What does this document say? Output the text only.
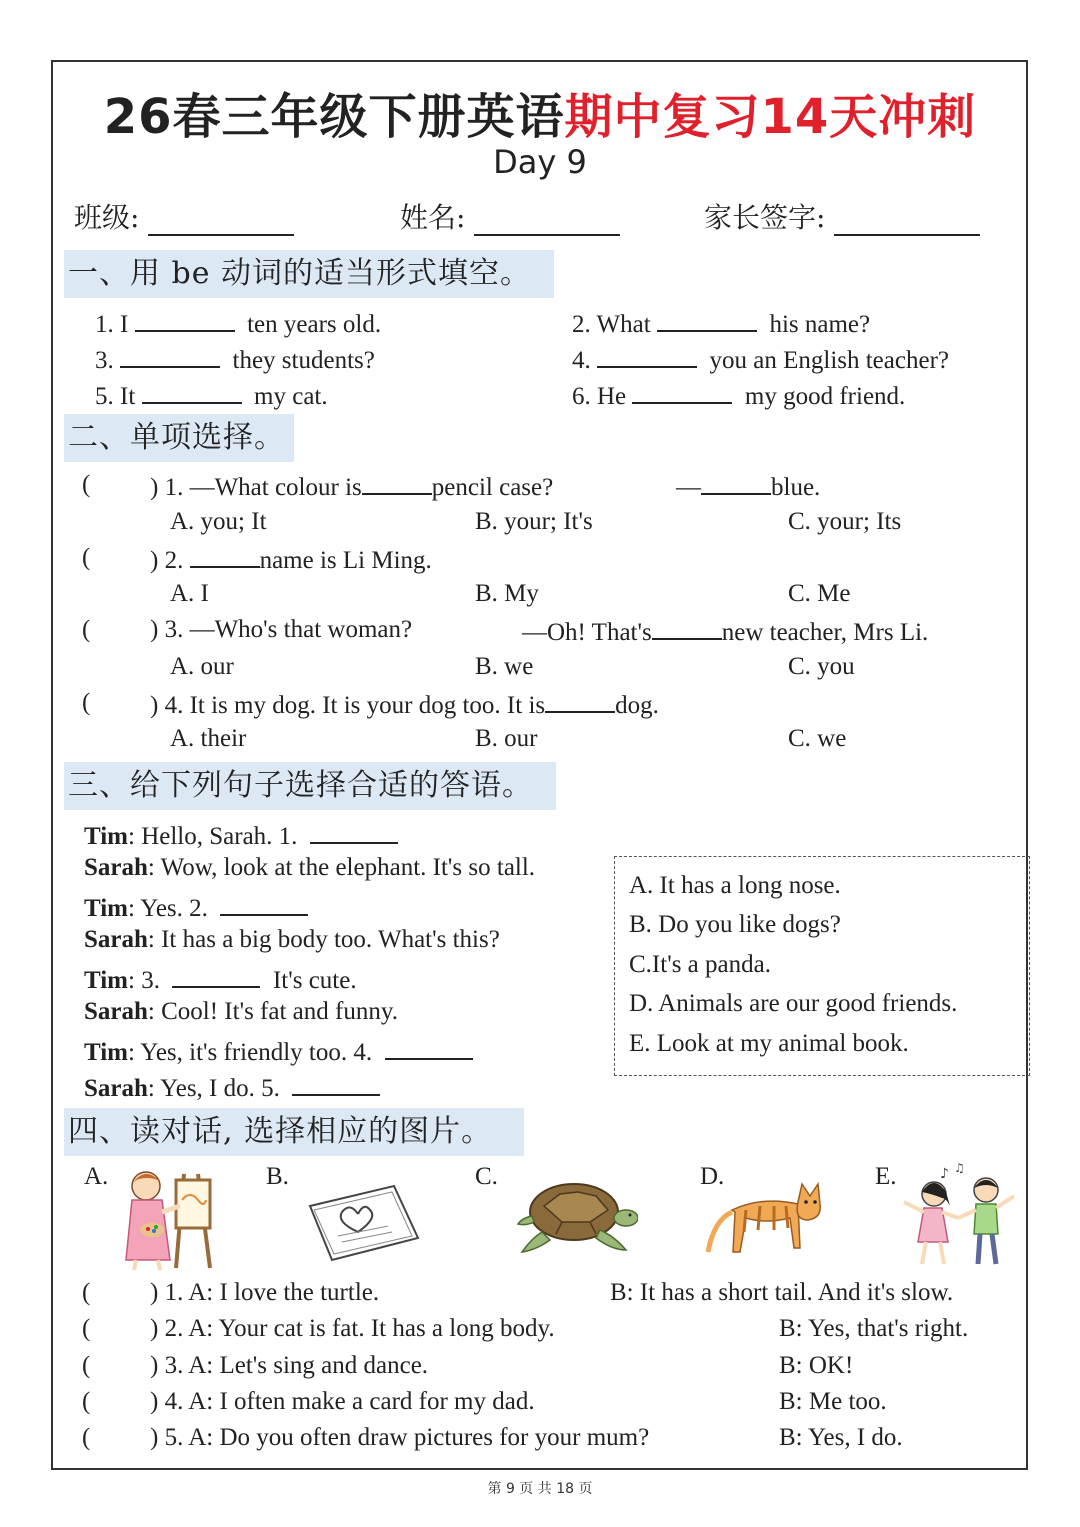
26春三年级下册英语期中复习14天冲刺
Day 9
班级:	姓名:	家长签字:
一、用 be 动词的适当形式填空。
1. I	ten years old.	2. What	his name?
3.	they students?	4.	you an English teacher?
5. It	my cat.	6. He	my good friend.
二、单项选择。
( ) 1. —What colour is	pencil case?	—	blue.
A. you; It	B. your; It's	C. your; Its
( ) 2.	name is Li Ming.
A. I	B. My	C. Me
( ) 3. —Who's that woman?	—Oh! That's	new teacher, Mrs Li.
A. our	B. we	C. you
( ) 4. It is my dog. It is your dog too. It is	dog.
A. their	B. our	C. we
三、给下列句子选择合适的答语。
Tim: Hello, Sarah. 1.
Sarah: Wow, look at the elephant. It's so tall.
Tim: Yes. 2.
Sarah: It has a big body too. What's this?
Tim: 3.	It's cute.
Sarah: Cool! It's fat and funny.
Tim: Yes, it's friendly too. 4.
Sarah: Yes, I do. 5.
A. It has a long nose.
B. Do you like dogs?
C.It's a panda.
D. Animals are our good friends.
E. Look at my animal book.
四、读对话, 选择相应的图片。
A.	B.	C.	D.	E.	♪ ♫
( ) 1. A: I love the turtle.	B: It has a short tail. And it's slow.
( ) 2. A: Your cat is fat. It has a long body.	B: Yes, that's right.
( ) 3. A: Let's sing and dance.	B: OK!
( ) 4. A: I often make a card for my dad.	B: Me too.
( ) 5. A: Do you often draw pictures for your mum?	B: Yes, I do.
第 9 页 共 18 页
